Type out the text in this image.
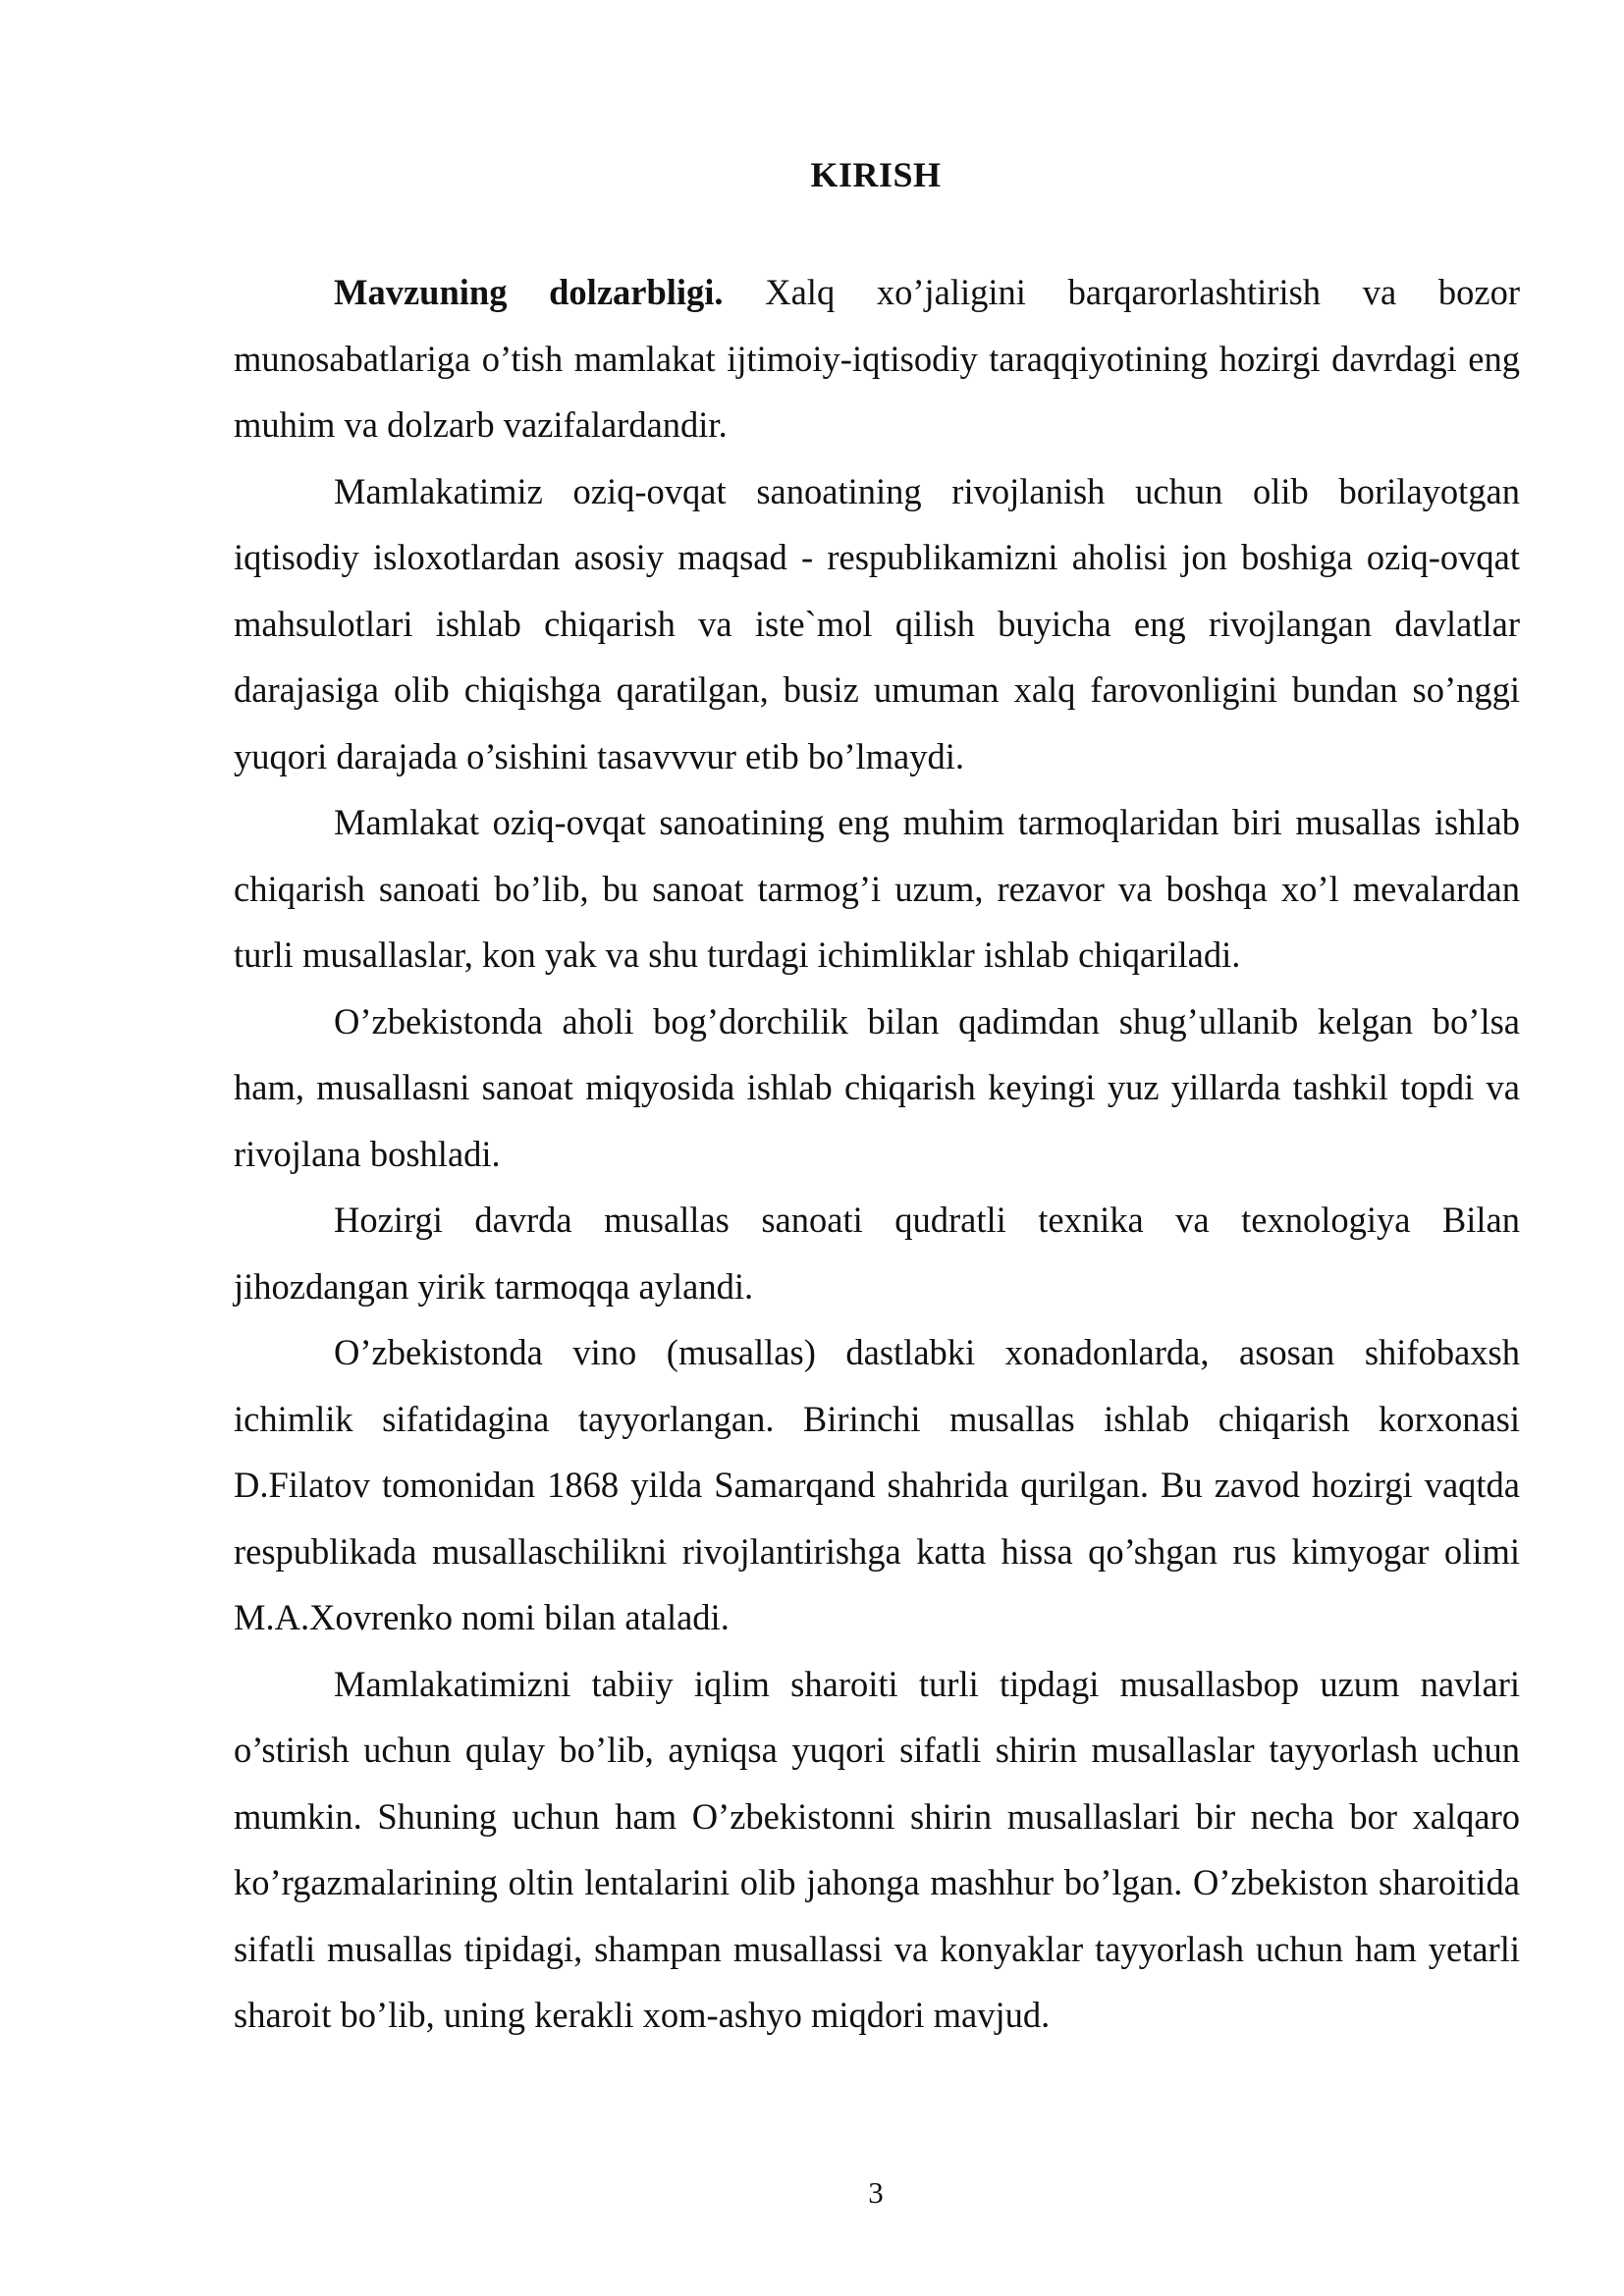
KIRISH

Mavzuning dolzarbligi. Xalq xo’jaligini barqarorlashtirish va bozor munosabatlariga o’tish mamlakat ijtimoiy-iqtisodiy taraqqiyotining hozirgi davrdagi eng muhim va dolzarb vazifalardandir.

Mamlakatimiz oziq-ovqat sanoatining rivojlanish uchun olib borilayotgan iqtisodiy isloxotlardan asosiy maqsad - respublikamizni aholisi jon boshiga oziq-ovqat mahsulotlari ishlab chiqarish va iste`mol qilish buyicha eng rivojlangan davlatlar darajasiga olib chiqishga qaratilgan, busiz umuman xalq farovonligini bundan so’nggi yuqori darajada o’sishini tasavvvur etib bo’lmaydi.

Mamlakat oziq-ovqat sanoatining eng muhim tarmoqlaridan biri musallas ishlab chiqarish sanoati bo’lib, bu sanoat tarmog’i uzum, rezavor va boshqa xo’l mevalardan turli musallaslar, kon yak va shu turdagi ichimliklar ishlab chiqariladi.

O’zbekistonda aholi bog’dorchilik bilan qadimdan shug’ullanib kelgan bo’lsa ham, musallasni sanoat miqyosida ishlab chiqarish keyingi yuz yillarda tashkil topdi va rivojlana boshladi.

Hozirgi davrda musallas sanoati qudratli texnika va texnologiya Bilan jihozdangan yirik tarmoqqa aylandi.

O’zbekistonda vino (musallas) dastlabki xonadonlarda, asosan shifobaxsh ichimlik sifatidagina tayyorlangan. Birinchi musallas ishlab chiqarish korxonasi D.Filatov tomonidan 1868 yilda Samarqand shahrida qurilgan. Bu zavod hozirgi vaqtda respublikada musallaschilikni rivojlantirishga katta hissa qo’shgan rus kimyogar olimi M.A.Xovrenko nomi bilan ataladi.

Mamlakatimizni tabiiy iqlim sharoiti turli tipdagi musallasbop uzum navlari o’stirish uchun qulay bo’lib, ayniqsa yuqori sifatli shirin musallaslar tayyorlash uchun mumkin. Shuning uchun ham O’zbekistonni shirin musallaslari bir necha bor xalqaro ko’rgazmalarining oltin lentalarini olib jahonga mashhur bo’lgan. O’zbekiston sharoitida sifatli musallas tipidagi, shampan musallassi va konyaklar tayyorlash uchun ham yetarli sharoit bo’lib, uning kerakli xom-ashyo miqdori mavjud.

3
